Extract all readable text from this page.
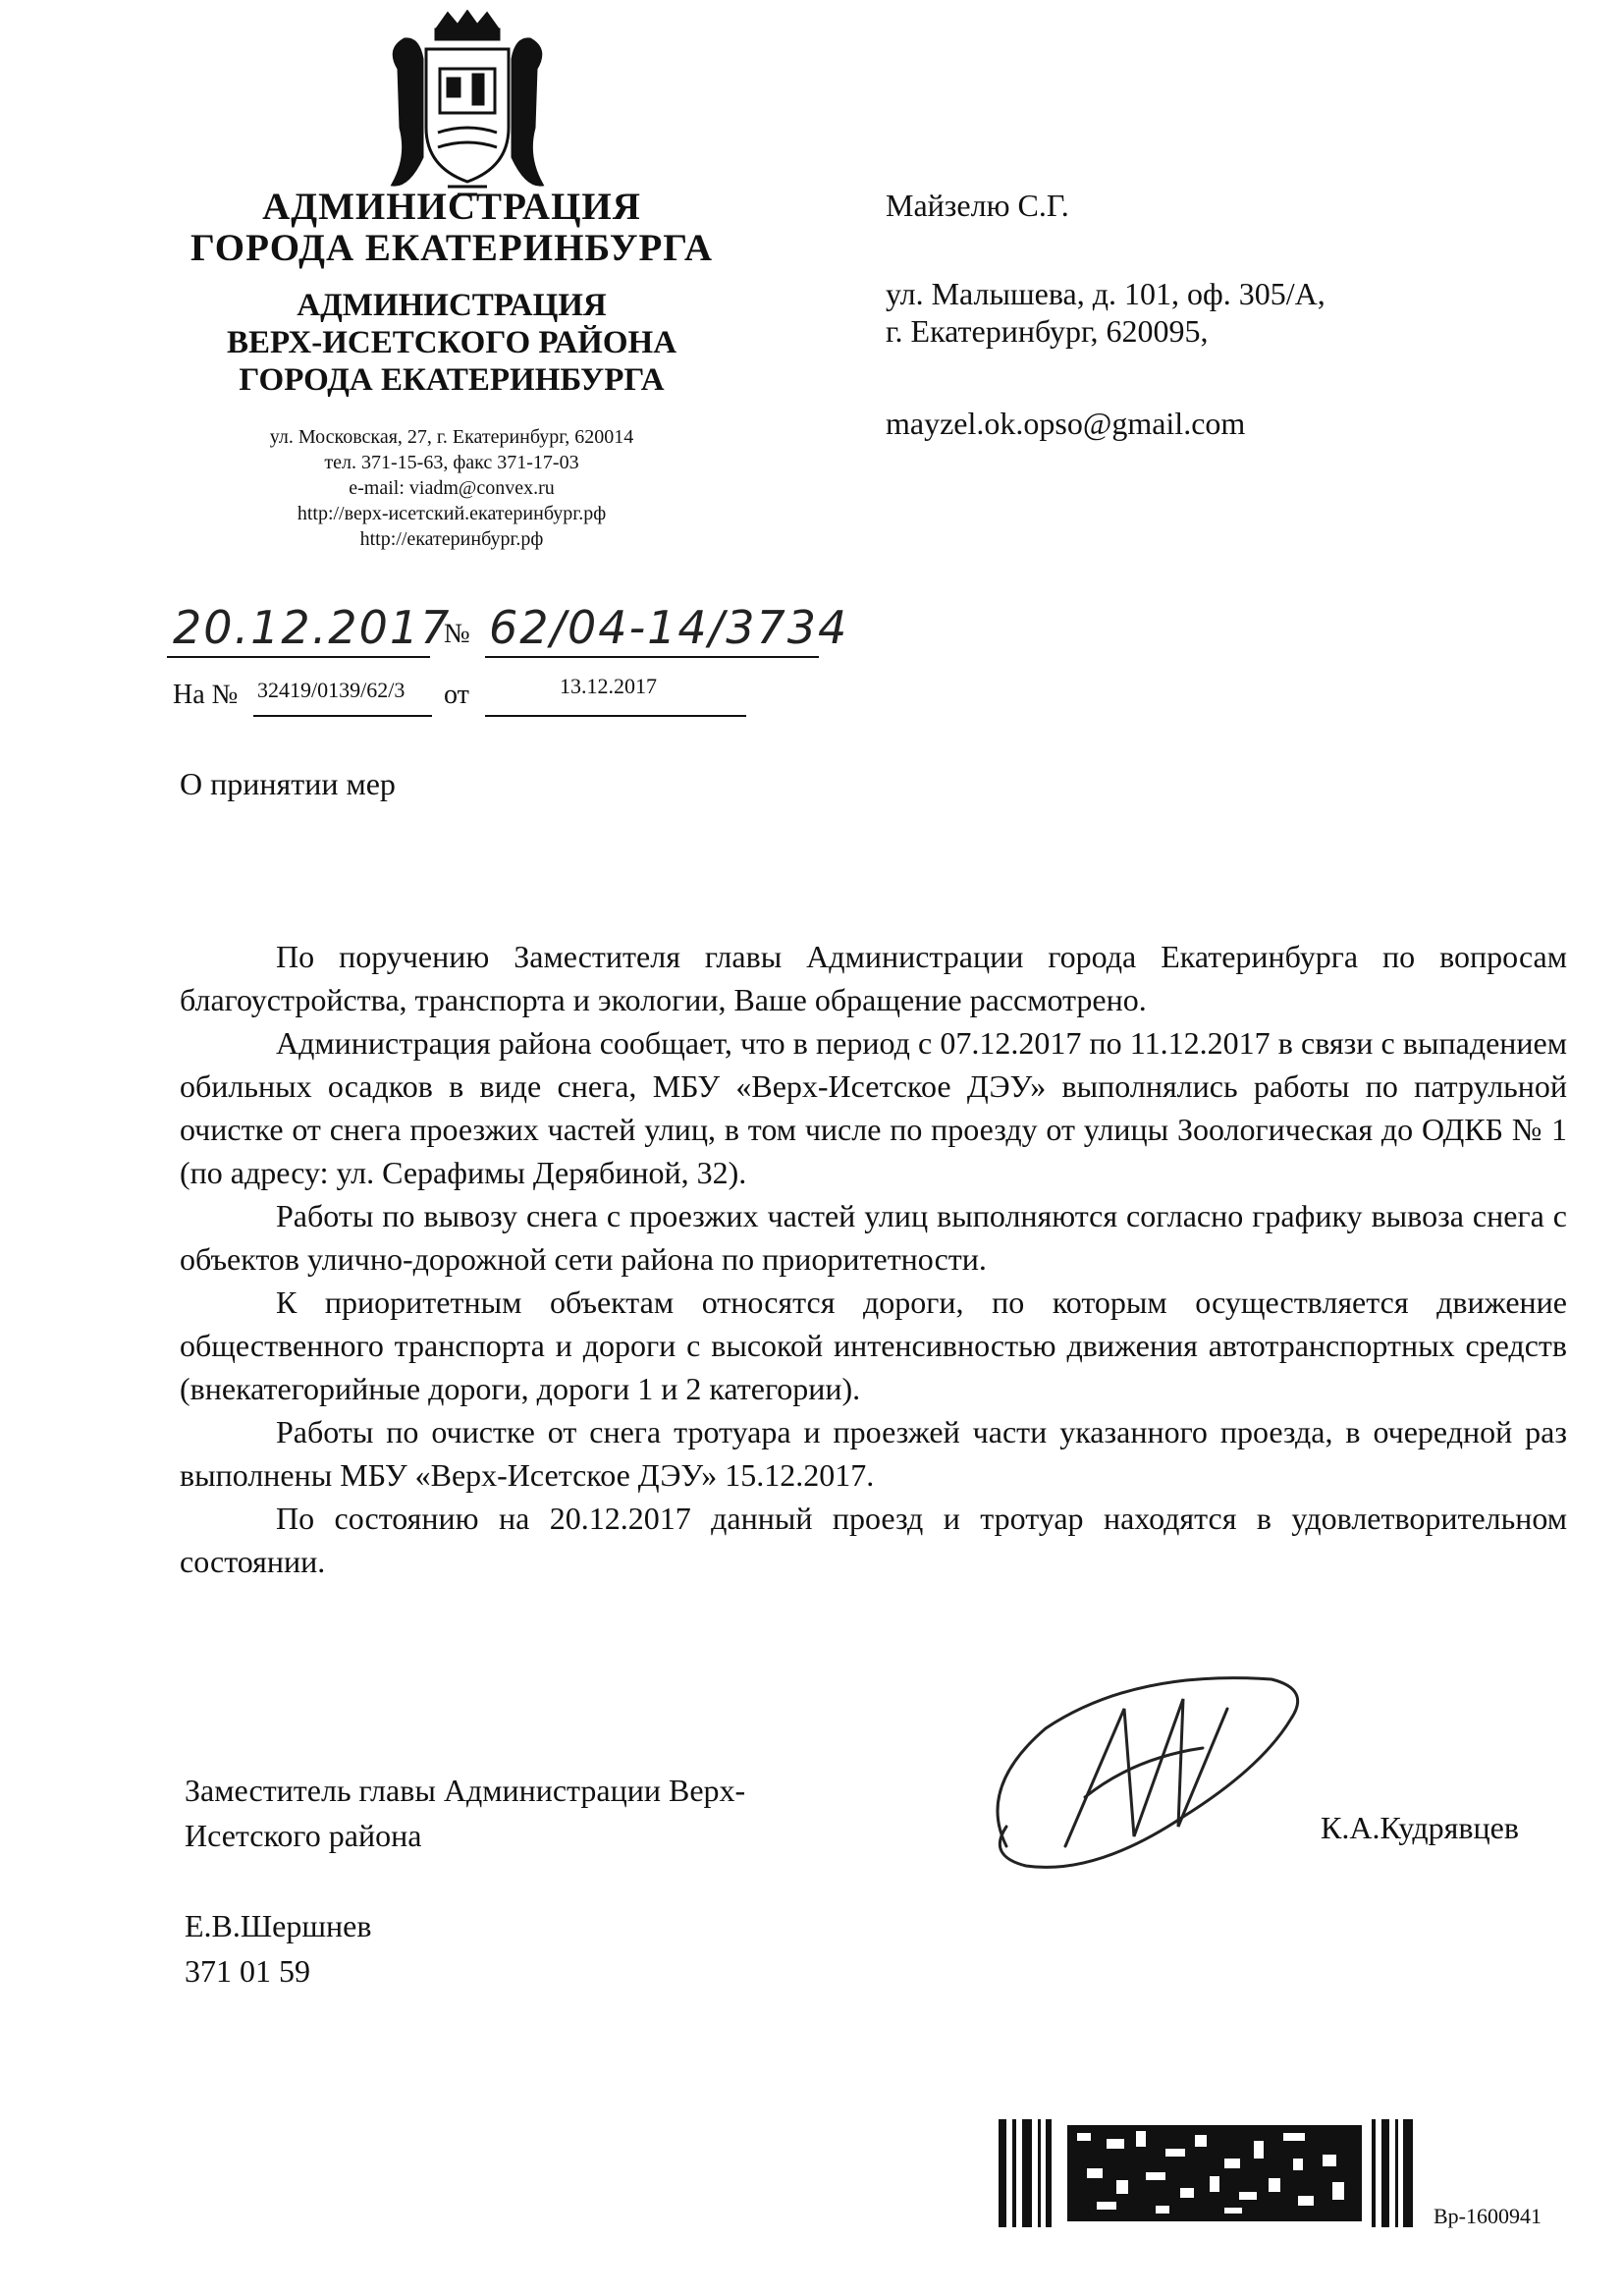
АДМИНИСТРАЦИЯ
ГОРОДА ЕКАТЕРИНБУРГА
АДМИНИСТРАЦИЯ
ВЕРХ-ИСЕТСКОГО РАЙОНА
ГОРОДА ЕКАТЕРИНБУРГА
ул. Московская, 27, г. Екатеринбург, 620014
тел. 371-15-63, факс 371-17-03
e-mail: viadm@convex.ru
http://верх-исетский.екатеринбург.рф
http://екатеринбург.рф
Майзелю С.Г.
ул. Малышева, д. 101, оф. 305/А,
г. Екатеринбург, 620095,
mayzel.ok.opso@gmail.com
20.12.2017
№ 62/04-14/3734
На № 32419/0139/62/3 от	13.12.2017
О принятии мер

По поручению Заместителя главы Администрации города Екатеринбурга по вопросам благоустройства, транспорта и экологии, Ваше обращение рассмотрено.

Администрация района сообщает, что в период с 07.12.2017 по 11.12.2017 в связи с выпадением обильных осадков в виде снега, МБУ «Верх-Исетское ДЭУ» выполнялись работы по патрульной очистке от снега проезжих частей улиц, в том числе по проезду от улицы Зоологическая до ОДКБ № 1 (по адресу: ул. Серафимы Дерябиной, 32).

Работы по вывозу снега с проезжих частей улиц выполняются согласно графику вывоза снега с объектов улично-дорожной сети района по приоритетности.

К приоритетным объектам относятся дороги, по которым осуществляется движение общественного транспорта и дороги с высокой интенсивностью движения автотранспортных средств (внекатегорийные дороги, дороги 1 и 2 категории).

Работы по очистке от снега тротуара и проезжей части указанного проезда, в очередной раз выполнены МБУ «Верх-Исетское ДЭУ» 15.12.2017.

По состоянию на 20.12.2017 данный проезд и тротуар находятся в удовлетворительном состоянии.

Заместитель главы Администрации Верх-
Исетского района	К.А.Кудрявцев
Е.В.Шершнев
371 01 59
Вр-1600941
